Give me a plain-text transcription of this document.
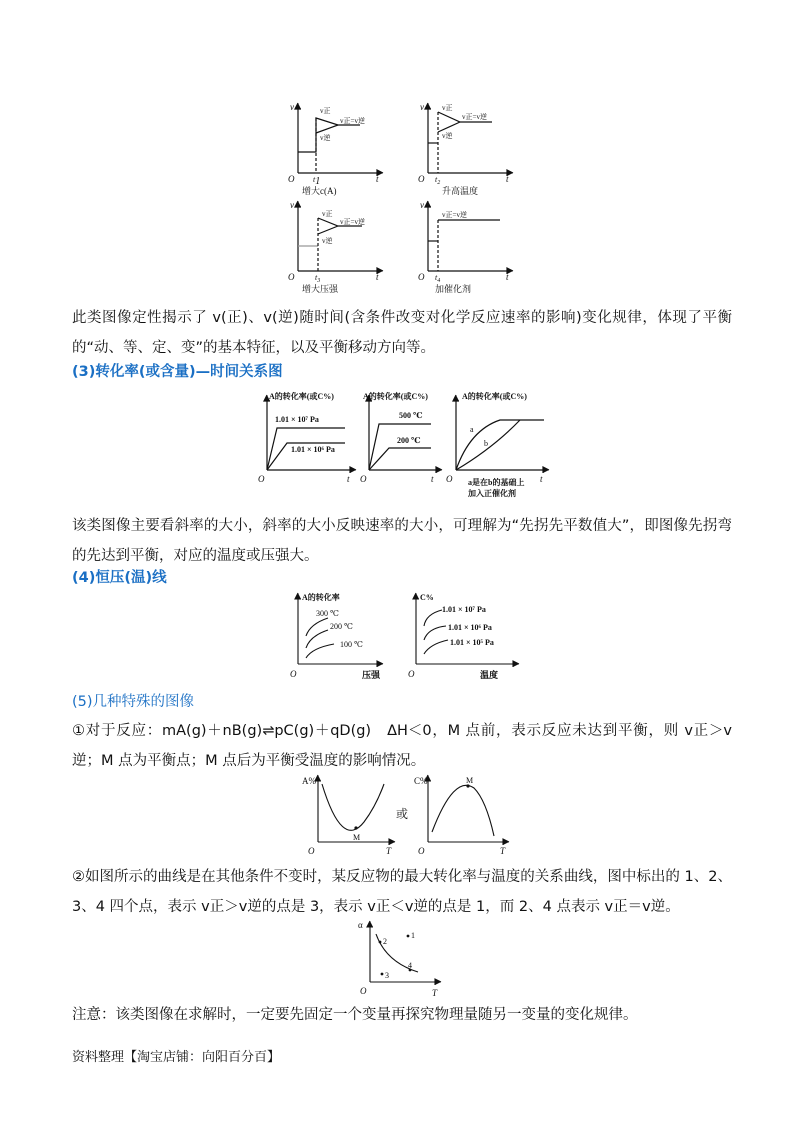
v	v正
v逆
v正=v逆
O t1	t
增大c(A)
v	v正
v逆
v正=v逆
O $t_2$	t
升高温度
v
v正
v逆
v正=v逆
O	$t_3$	t
增大压强
v
v正=v逆
O $t_4$	t
加催化剂
此类图像定性揭示了 v(正)、v(逆)随时间(含条件改变对化学反应速率的影响)变化规律，体现了平衡的“动、等、定、变”的基本特征，以及平衡移动方向等。
(3)转化率(或含量)—时间关系图
A的转化率(或C%)
1.01 × 10⁷ Pa
1.01 × 10⁶ Pa
O	t
A的转化率(或C%)
500 ℃
200 ℃
O	t
A的转化率(或C%)
a
b
O	t
a是在b的基础上
加入正催化剂
该类图像主要看斜率的大小，斜率的大小反映速率的大小，可理解为“先拐先平数值大”，即图像先拐弯的先达到平衡，对应的温度或压强大。
(4)恒压(温)线
A的转化率
300 ℃
200 ℃
100 ℃
O	压强
C%
1.01 × 10⁷ Pa
1.01 × 10⁶ Pa
1.01 × 10⁵ Pa
O	温度
(5)几种特殊的图像
①对于反应：mA(g)＋nB(g)⇌pC(g)＋qD(g)　ΔH＜0，M 点前，表示反应未达到平衡，则 v正＞v逆；M 点为平衡点；M 点后为平衡受温度的影响情况。
A%
M
O	T
或
C%	M
O	T
②如图所示的曲线是在其他条件不变时，某反应物的最大转化率与温度的关系曲线，图中标出的 1、2、3、4 四个点，表示 v正＞v逆的点是 3，表示 v正＜v逆的点是 1，而 2、4 点表示 v正＝v逆。
α
1
2
3
4
O	T
注意：该类图像在求解时，一定要先固定一个变量再探究物理量随另一变量的变化规律。
资料整理【淘宝店铺：向阳百分百】
